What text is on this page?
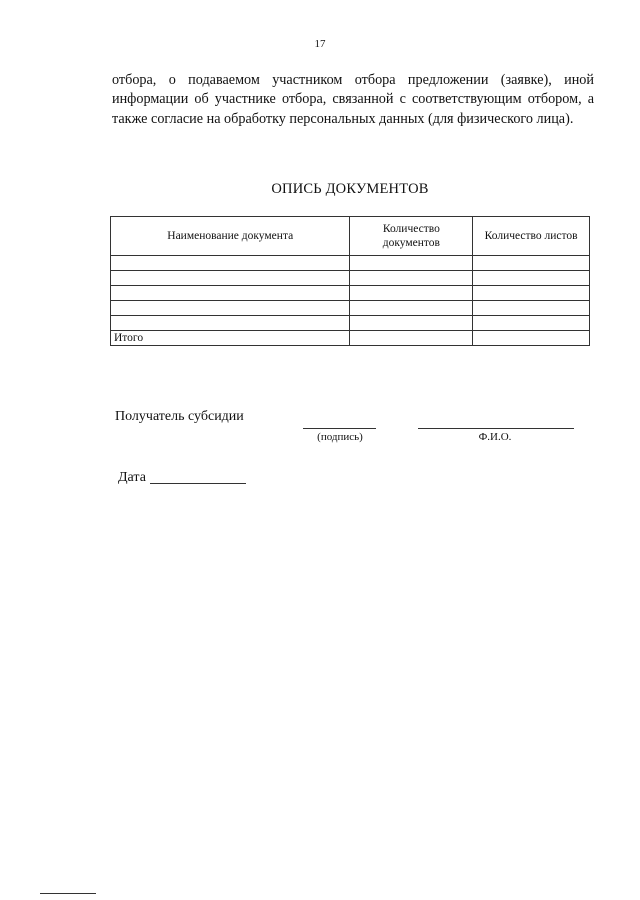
17

отбора, о подаваемом участником отбора предложении (заявке), иной информации об участнике отбора, связанной с соответствующим отбором, а также согласие на обработку персональных данных (для физического лица).

ОПИСЬ ДОКУМЕНТОВ
Наименование документа	Количество документов	Количество листов

Итого		
Получатель субсидии
(подпись)	Ф.И.О.
Дата
